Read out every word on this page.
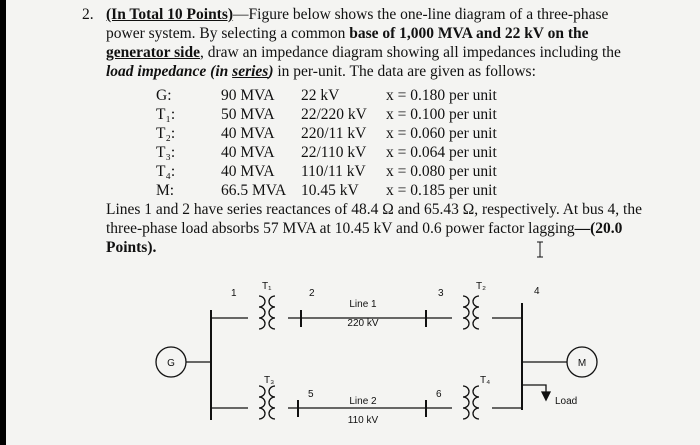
2. (In Total 10 Points)—Figure below shows the one-line diagram of a three-phase
power system. By selecting a common base of 1,000 MVA and 22 kV on the
generator side, draw an impedance diagram showing all impedances including the
load impedance (in series) in per-unit. The data are given as follows:
G:	90 MVA	22 kV	x = 0.180 per unit
T₁:	50 MVA	22/220 kV	x = 0.100 per unit
T₂:	40 MVA	220/11 kV	x = 0.060 per unit
T₃:	40 MVA	22/110 kV	x = 0.064 per unit
T₄:	40 MVA	110/11 kV	x = 0.080 per unit
M:	66.5 MVA	10.45 kV	x = 0.185 per unit
Lines 1 and 2 have series reactances of 48.4 Ω and 65.43 Ω, respectively. At bus 4, the
three-phase load absorbs 57 MVA at 10.45 kV and 0.6 power factor lagging—(20.0
Points).
G
1
T₁
2
Line 1
220 kV
3
T₂	4
T₃
5
Line 2
110 kV
6
T₄
M
Load
